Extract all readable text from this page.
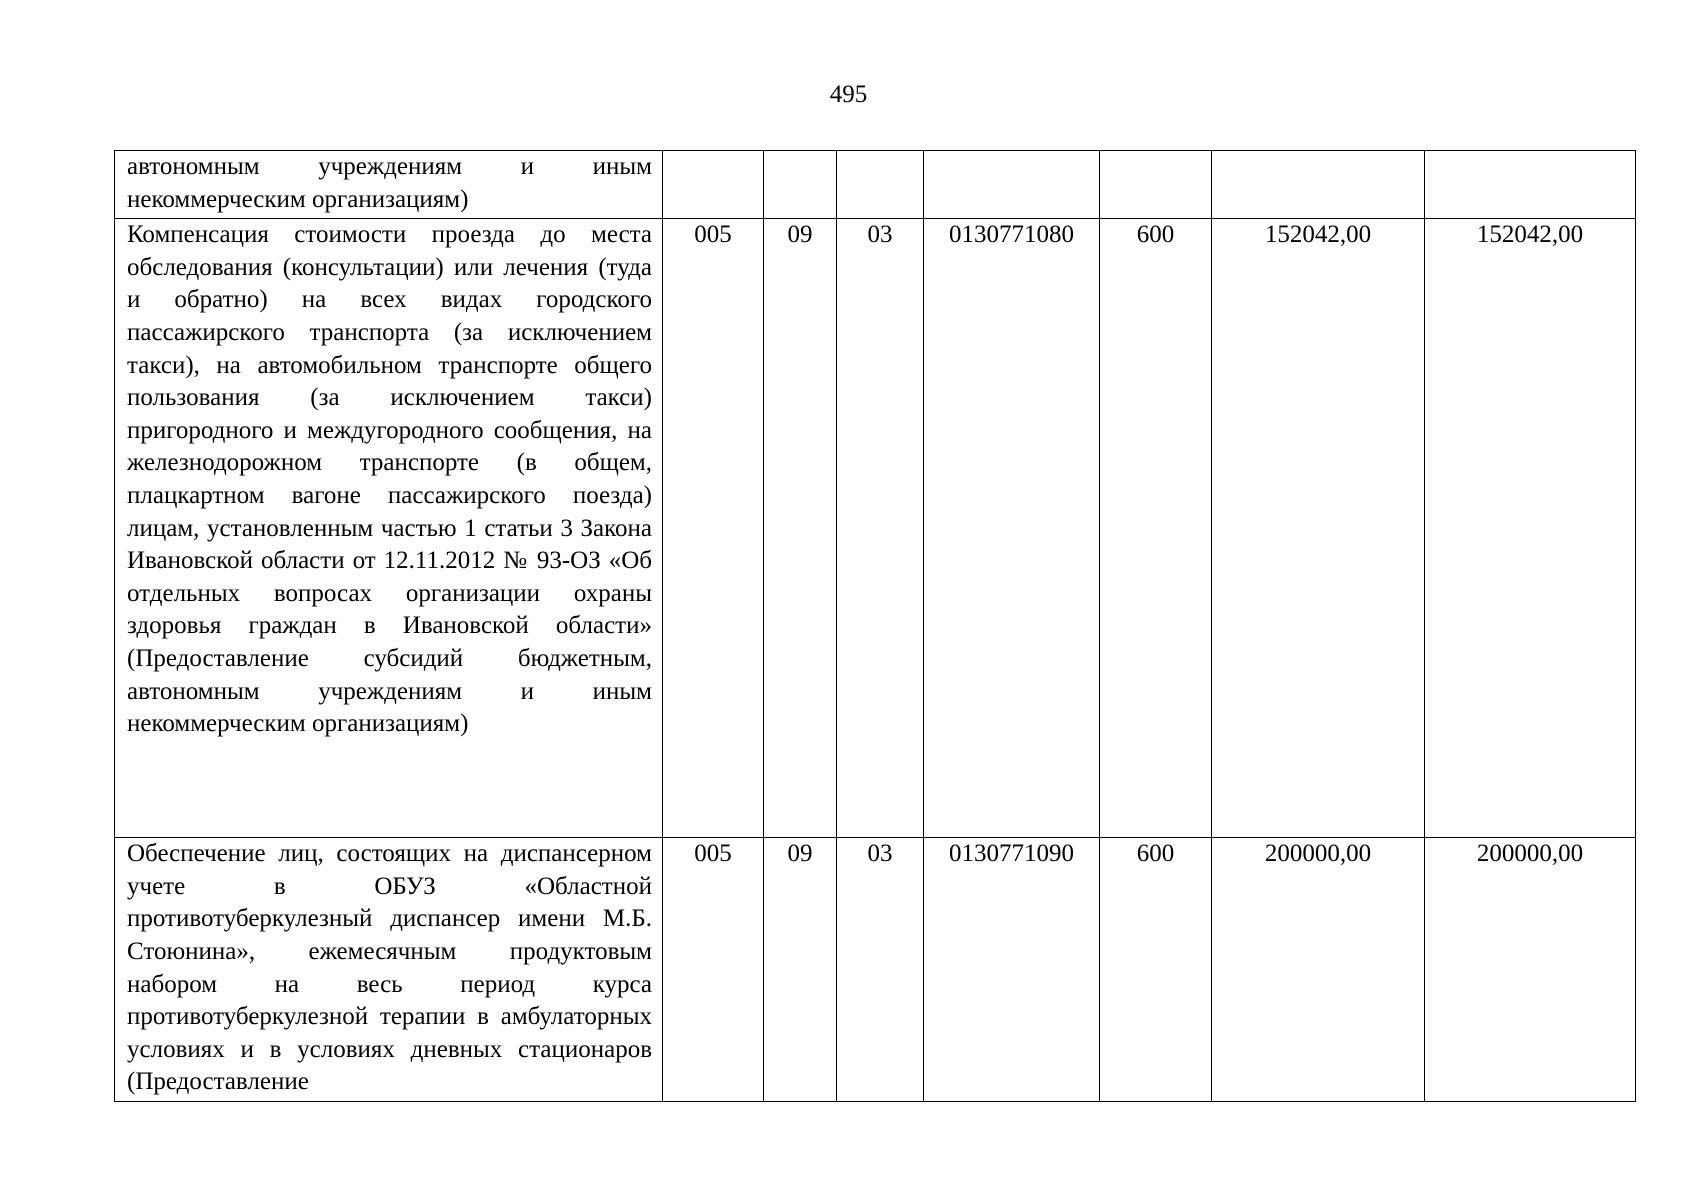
495
автономным учреждениям и иным некоммерческим организациям)							
Компенсация стоимости проезда до места обследования (консультации) или лечения (туда и обратно) на всех видах городского пассажирского транспорта (за исключением такси), на автомобильном транспорте общего пользования (за исключением такси) пригородного и междугородного сообщения, на железнодорожном транспорте (в общем, плацкартном вагоне пассажирского поезда) лицам, установленным частью 1 статьи 3 Закона Ивановской области от 12.11.2012 № 93-ОЗ «Об отдельных вопросах организации охраны здоровья граждан в Ивановской области» (Предоставление субсидий бюджетным, автономным учреждениям и иным некоммерческим организациям)	005	09	03	0130771080	600	152042,00	152042,00
Обеспечение лиц, состоящих на диспансерном учете в ОБУЗ «Областной противотуберкулезный диспансер имени М.Б. Стоюнина», ежемесячным продуктовым набором на весь период курса противотуберкулезной терапии в амбулаторных условиях и в условиях дневных стационаров (Предоставление	005	09	03	0130771090	600	200000,00	200000,00
